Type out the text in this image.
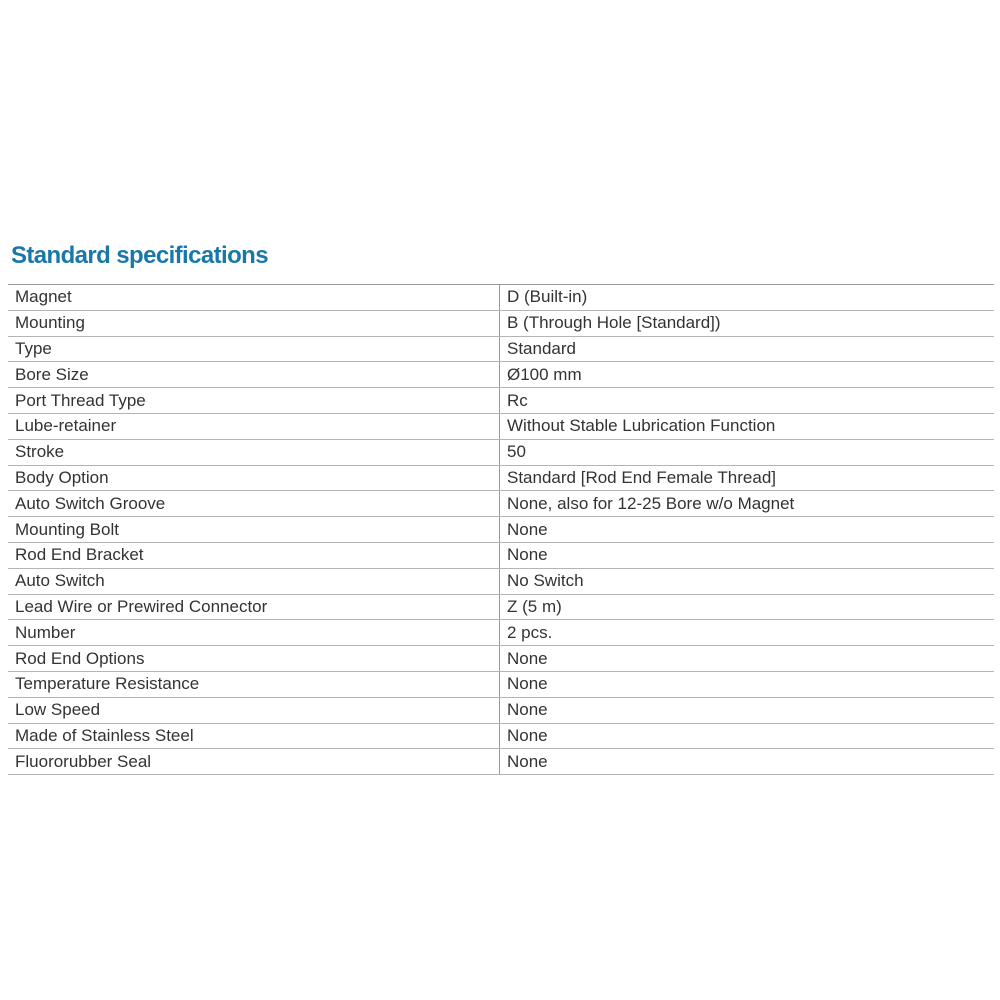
Standard specifications
Magnet	D (Built-in)
Mounting	B (Through Hole [Standard])
Type	Standard
Bore Size	Ø100 mm
Port Thread Type	Rc
Lube-retainer	Without Stable Lubrication Function
Stroke	50
Body Option	Standard [Rod End Female Thread]
Auto Switch Groove	None, also for 12-25 Bore w/o Magnet
Mounting Bolt	None
Rod End Bracket	None
Auto Switch	No Switch
Lead Wire or Prewired Connector	Z (5 m)
Number	2 pcs.
Rod End Options	None
Temperature Resistance	None
Low Speed	None
Made of Stainless Steel	None
Fluororubber Seal	None
